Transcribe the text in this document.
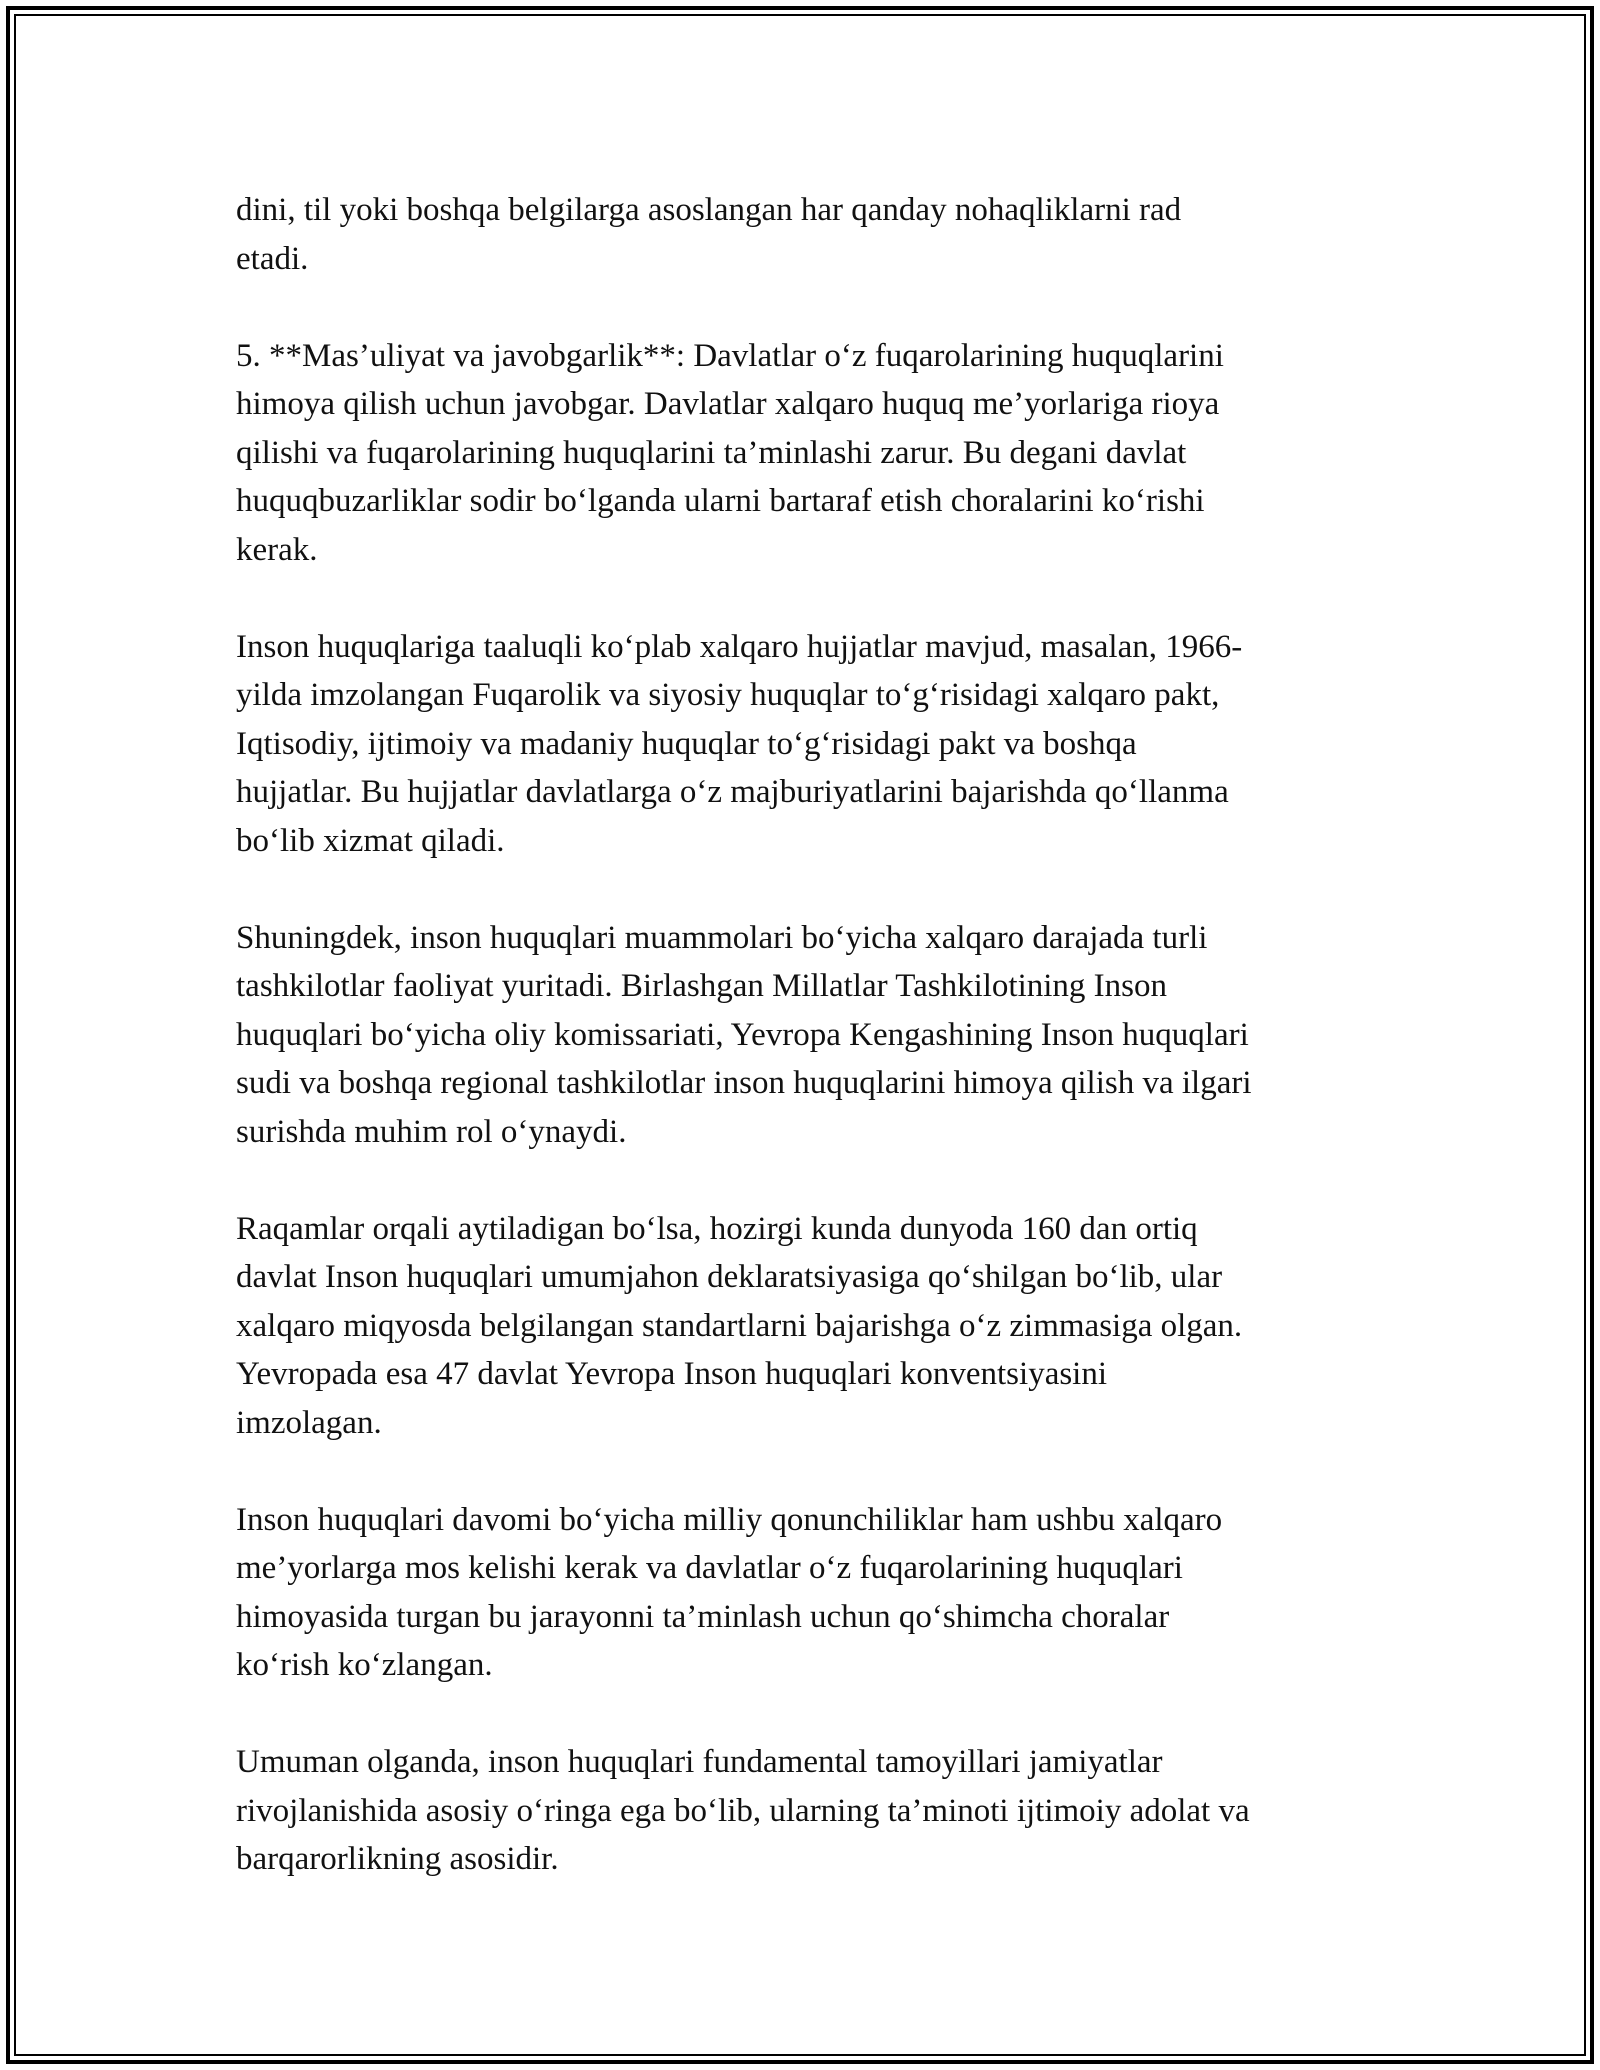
dini, til yoki boshqa belgilarga asoslangan har qanday nohaqliklarni rad
etadi.

5. **Mas’uliyat va javobgarlik**: Davlatlar o‘z fuqarolarining huquqlarini
himoya qilish uchun javobgar. Davlatlar xalqaro huquq me’yorlariga rioya
qilishi va fuqarolarining huquqlarini ta’minlashi zarur. Bu degani davlat
huquqbuzarliklar sodir bo‘lganda ularni bartaraf etish choralarini ko‘rishi
kerak.

Inson huquqlariga taaluqli ko‘plab xalqaro hujjatlar mavjud, masalan, 1966-
yilda imzolangan Fuqarolik va siyosiy huquqlar to‘g‘risidagi xalqaro pakt,
Iqtisodiy, ijtimoiy va madaniy huquqlar to‘g‘risidagi pakt va boshqa
hujjatlar. Bu hujjatlar davlatlarga o‘z majburiyatlarini bajarishda qo‘llanma
bo‘lib xizmat qiladi.

Shuningdek, inson huquqlari muammolari bo‘yicha xalqaro darajada turli
tashkilotlar faoliyat yuritadi. Birlashgan Millatlar Tashkilotining Inson
huquqlari bo‘yicha oliy komissariati, Yevropa Kengashining Inson huquqlari
sudi va boshqa regional tashkilotlar inson huquqlarini himoya qilish va ilgari
surishda muhim rol o‘ynaydi.

Raqamlar orqali aytiladigan bo‘lsa, hozirgi kunda dunyoda 160 dan ortiq
davlat Inson huquqlari umumjahon deklaratsiyasiga qo‘shilgan bo‘lib, ular
xalqaro miqyosda belgilangan standartlarni bajarishga o‘z zimmasiga olgan.
Yevropada esa 47 davlat Yevropa Inson huquqlari konventsiyasini
imzolagan.

Inson huquqlari davomi bo‘yicha milliy qonunchiliklar ham ushbu xalqaro
me’yorlarga mos kelishi kerak va davlatlar o‘z fuqarolarining huquqlari
himoyasida turgan bu jarayonni ta’minlash uchun qo‘shimcha choralar
ko‘rish ko‘zlangan.

Umuman olganda, inson huquqlari fundamental tamoyillari jamiyatlar
rivojlanishida asosiy o‘ringa ega bo‘lib, ularning ta’minoti ijtimoiy adolat va
barqarorlikning asosidir.
